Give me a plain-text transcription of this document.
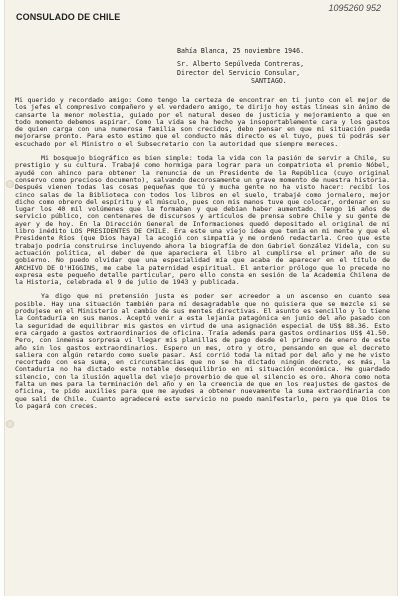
1095260 952
CONSULADO DE CHILE
Bahía Blanca, 25 noviembre 1946.
Sr. Alberto Sepúlveda Contreras,
Director del Servicio Consular,
SANTIAGO.

Mi querido y recordado amigo: Como tengo la certeza de encontrar en ti junto con el mejor de los jefes el compresivo compañero y el verdadero amigo, te dirijo hoy estas líneas sin ánimo de cansarte la menor molestia, guiado por el natural deseo de justicia y mejoramiento a que en todo momento debemos aspirar. Como la vida se ha hecho ya insoportablemente cara y los gastos de quien carga con una numerosa familia son crecidos, debo pensar en que mi situación pueda mejorarse pronto. Para esto estimo que el conducto más directo es el tuyo, pues tú podrás ser escuchado por el Ministro o el Subsecretario con la autoridad que siempre mereces.

Mi bosquejo biográfico es bien simple: toda la vida con la pasión de servir a Chile, su prestigio y su cultura. Trabajé como hormiga para lograr para un compatriota el premio Nóbel, ayudé con ahinco para obtener la renuncia de un Presidente de la República (cuyo original conservo como precioso documento), salvando decorosamente un grave momento de nuestra historia. Después vienen todas las cosas pequeñas que tú y mucha gente no ha visto hacer: recibí los cinco salas de la Biblioteca con todos los libros en el suelo, trabajé como jornalero, mejor dicho como obrero del espíritu y el músculo, pues con mis manos tuve que colocar, ordenar en su lugar los 40 mil volúmenes que la formaban y que debían haber aumentado. Tengo 16 años de servicio público, con centenares de discursos y artículos de prensa sobre Chile y su gente de ayer y de hoy. En la Dirección General de Informaciones quedó depositado el original de mi libro inédito LOS PRESIDENTES DE CHILE. Era este una viejo idea que tenía en mi mente y que el Presidente Ríos (que Dios haya) la acogió con simpatía y me ordenó redactarla. Creo que este trabajo podría construirse incluyendo ahora la biografía de don Gabriel González Videla, con su actuación política, el deber de que apareciera el libro al cumplirse el primer año de su gobierno. No puedo olvidar que una especialidad mía que acaba de aparecer en el título de ARCHIVO DE O'HIGGINS, me cabe la paternidad espiritual. El anterior prólogo que lo precede no expresa este pequeño detalle particular, pero ello consta en sesión de la Academia Chilena de la Historia, celebrada el 9 de julio de 1943 y publicada.

Ya digo que mi pretensión justa es poder ser acreedor a un ascenso en cuanto sea posible. Hay una situación también para mí desagradable que no quisiera que se mezcle si se produjese en el Ministerio al cambio de sus mentes directivas. El asunto es sencillo y lo tiene la Contaduría en sus manos. Aceptó venir a esta lejanía patagónica en junio del año pasado con la seguridad de equilibrar mis gastos en virtud de una asignación especial de US$ 88.36. Esto era cargado a gastos extraordinarios de oficina. Traía además para gastos ordinarios US$ 41.50. Pero, con inmensa sorpresa vi llegar mis planillas de pago desde el primero de enero de este año sin los gastos extraordinarios. Espero un mes, otro y otro, pensando en que el decreto saliera con algún retardo como suele pasar. Así corrió toda la mitad por del año y me he visto recortado con esa suma, en circunstancias que no se ha dictado ningún decreto, es más, la Contaduría no ha dictado este notable desequilibrio en mi situación económica. He guardado silencio, con la ilusión aquella del viejo proverbio de que el silencio es oro. Ahora como nota falta un mes para la terminación del año y en la creencia de que en los reajustes de gastos de oficina, te pido auxilies para que me ayudes a obtener nuevamente la suma extraordinaria con que salí de Chile. Cuanto agradeceré este servicio no puedo manifestarlo, pero ya que Dios te lo pagará con creces.
